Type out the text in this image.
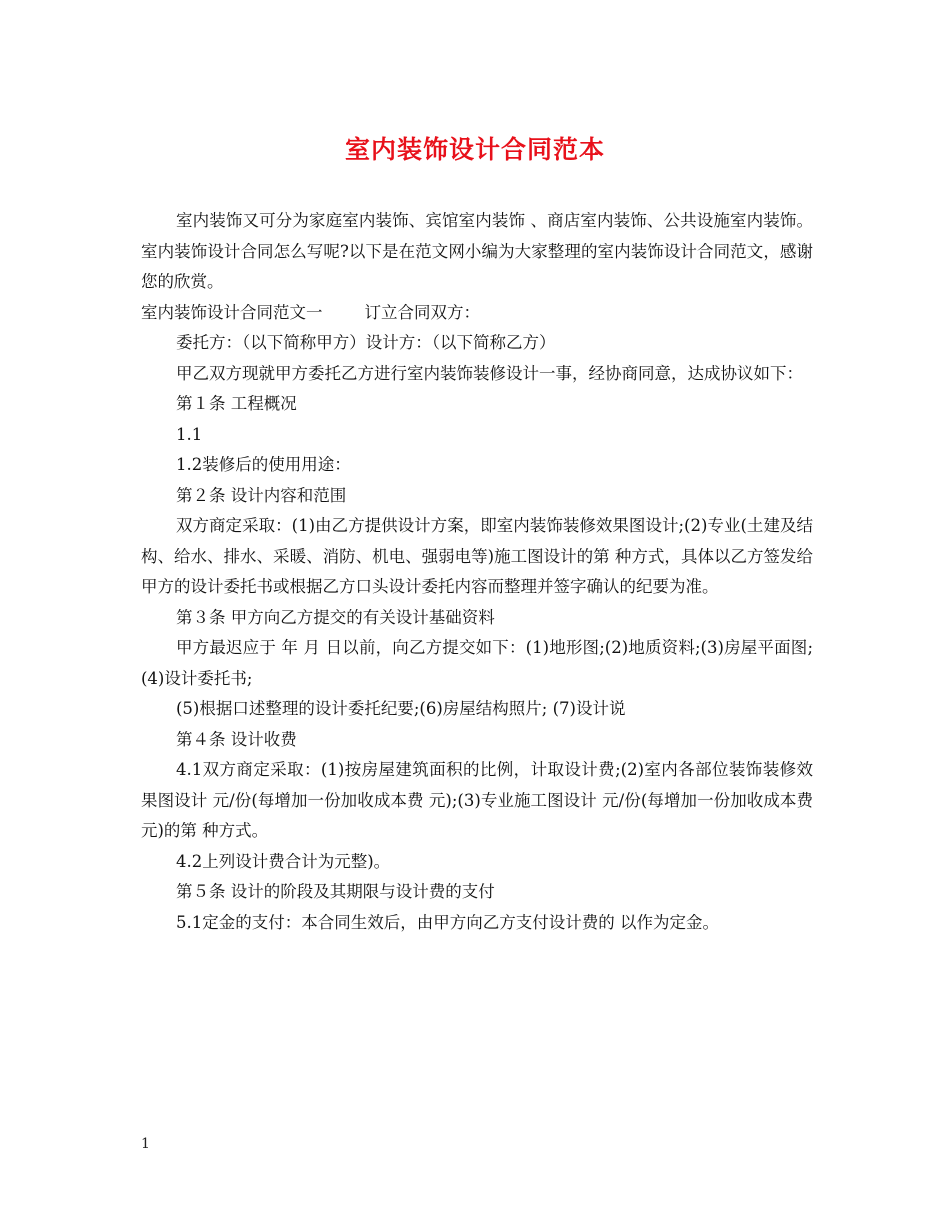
室内装饰设计合同范本

室内装饰又可分为家庭室内装饰、宾馆室内装饰 、商店室内装饰、公共设施室内装饰。室内装饰设计合同怎么写呢?以下是在范文网小编为大家整理的室内装饰设计合同范文，感谢您的欣赏。

室内装饰设计合同范文一	订立合同双方：

委托方：（以下简称甲方）设计方：（以下简称乙方）

甲乙双方现就甲方委托乙方进行室内装饰装修设计一事，经协商同意，达成协议如下：

第１条 工程概况

1.1

1.2装修后的使用用途：

第２条 设计内容和范围

双方商定采取：(1)由乙方提供设计方案，即室内装饰装修效果图设计;(2)专业(土建及结构、给水、排水、采暖、消防、机电、强弱电等)施工图设计的第 种方式，具体以乙方签发给甲方的设计委托书或根据乙方口头设计委托内容而整理并签字确认的纪要为准。

第３条 甲方向乙方提交的有关设计基础资料

甲方最迟应于 年 月 日以前，向乙方提交如下：(1)地形图;(2)地质资料;(3)房屋平面图;(4)设计委托书;

(5)根据口述整理的设计委托纪要;(6)房屋结构照片; (7)设计说

第４条 设计收费

4.1双方商定采取：(1)按房屋建筑面积的比例，计取设计费;(2)室内各部位装饰装修效果图设计 元/份(每增加一份加收成本费 元);(3)专业施工图设计 元/份(每增加一份加收成本费 元)的第 种方式。

4.2上列设计费合计为元整)。

第５条 设计的阶段及其期限与设计费的支付

5.1定金的支付：本合同生效后，由甲方向乙方支付设计费的 以作为定金。

1
